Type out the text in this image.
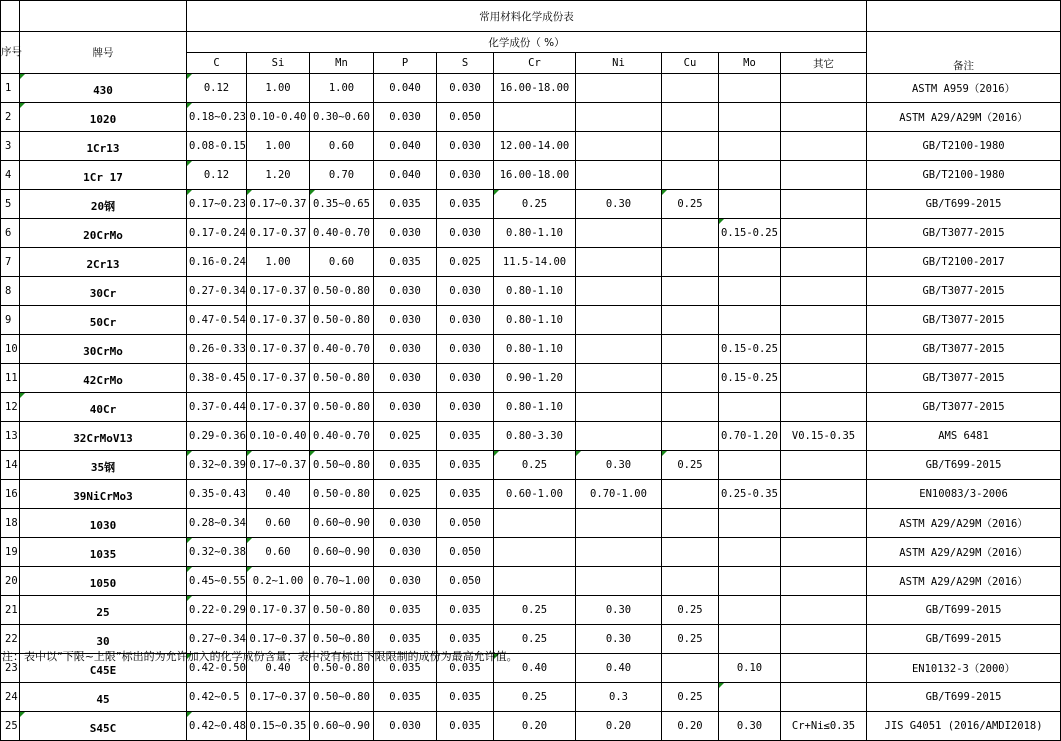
		常用材料化学成份表										
序号	牌号	化学成份（ %）										备注
		C	Si	Mn	P	S	Cr	Ni	Cu	Mo	其它	
1	430	0.12	1.00	1.00	0.040	0.030	16.00-18.00					ASTM A959（2016）
2	1020	0.18~0.23	0.10-0.40	0.30~0.60	0.030	0.050						ASTM A29/A29M（2016）
3	1Cr13	0.08-0.15	1.00	0.60	0.040	0.030	12.00-14.00					GB/T2100-1980
4	1Cr 17	0.12	1.20	0.70	0.040	0.030	16.00-18.00					GB/T2100-1980
5	20钢	0.17~0.23	0.17~0.37	0.35~0.65	0.035	0.035	0.25	0.30	0.25			GB/T699-2015
6	20CrMo	0.17-0.24	0.17-0.37	0.40-0.70	0.030	0.030	0.80-1.10			0.15-0.25		GB/T3077-2015
7	2Cr13	0.16-0.24	1.00	0.60	0.035	0.025	11.5-14.00					GB/T2100-2017
8	30Cr	0.27-0.34	0.17-0.37	0.50-0.80	0.030	0.030	0.80-1.10					GB/T3077-2015
9	50Cr	0.47-0.54	0.17-0.37	0.50-0.80	0.030	0.030	0.80-1.10					GB/T3077-2015
10	30CrMo	0.26-0.33	0.17-0.37	0.40-0.70	0.030	0.030	0.80-1.10			0.15-0.25		GB/T3077-2015
11	42CrMo	0.38-0.45	0.17-0.37	0.50-0.80	0.030	0.030	0.90-1.20			0.15-0.25		GB/T3077-2015
12	40Cr	0.37-0.44	0.17-0.37	0.50-0.80	0.030	0.030	0.80-1.10					GB/T3077-2015
13	32CrMoV13	0.29-0.36	0.10-0.40	0.40-0.70	0.025	0.035	0.80-3.30			0.70-1.20	V0.15-0.35	AMS 6481
14	35钢	0.32~0.39	0.17~0.37	0.50~0.80	0.035	0.035	0.25	0.30	0.25			GB/T699-2015
16	39NiCrMo3	0.35-0.43	0.40	0.50-0.80	0.025	0.035	0.60-1.00	0.70-1.00		0.25-0.35		EN10083/3-2006
18	1030	0.28~0.34	0.60	0.60~0.90	0.030	0.050						ASTM A29/A29M（2016）
19	1035	0.32~0.38	0.60	0.60~0.90	0.030	0.050						ASTM A29/A29M（2016）
20	1050	0.45~0.55	0.2~1.00	0.70~1.00	0.030	0.050						ASTM A29/A29M（2016）
21	25	0.22-0.29	0.17-0.37	0.50-0.80	0.035	0.035	0.25	0.30	0.25			GB/T699-2015
22	30	0.27~0.34	0.17~0.37	0.50~0.80	0.035	0.035	0.25	0.30	0.25			GB/T699-2015
23	C45E	0.42-0.50	0.40	0.50-0.80	0.035	0.035	0.40	0.40		0.10		EN10132-3（2000）
24	45	0.42~0.5	0.17~0.37	0.50~0.80	0.035	0.035	0.25	0.3	0.25			GB/T699-2015
25	S45C	0.42~0.48	0.15~0.35	0.60~0.90	0.030	0.035	0.20	0.20	0.20	0.30	Cr+Ni≤0.35	JIS G4051 (2016/AMDI2018)
注：表中以“下限~上限”标出的为允许加入的化学成份含量；表中没有标出下限限制的成份为最高允许值。
